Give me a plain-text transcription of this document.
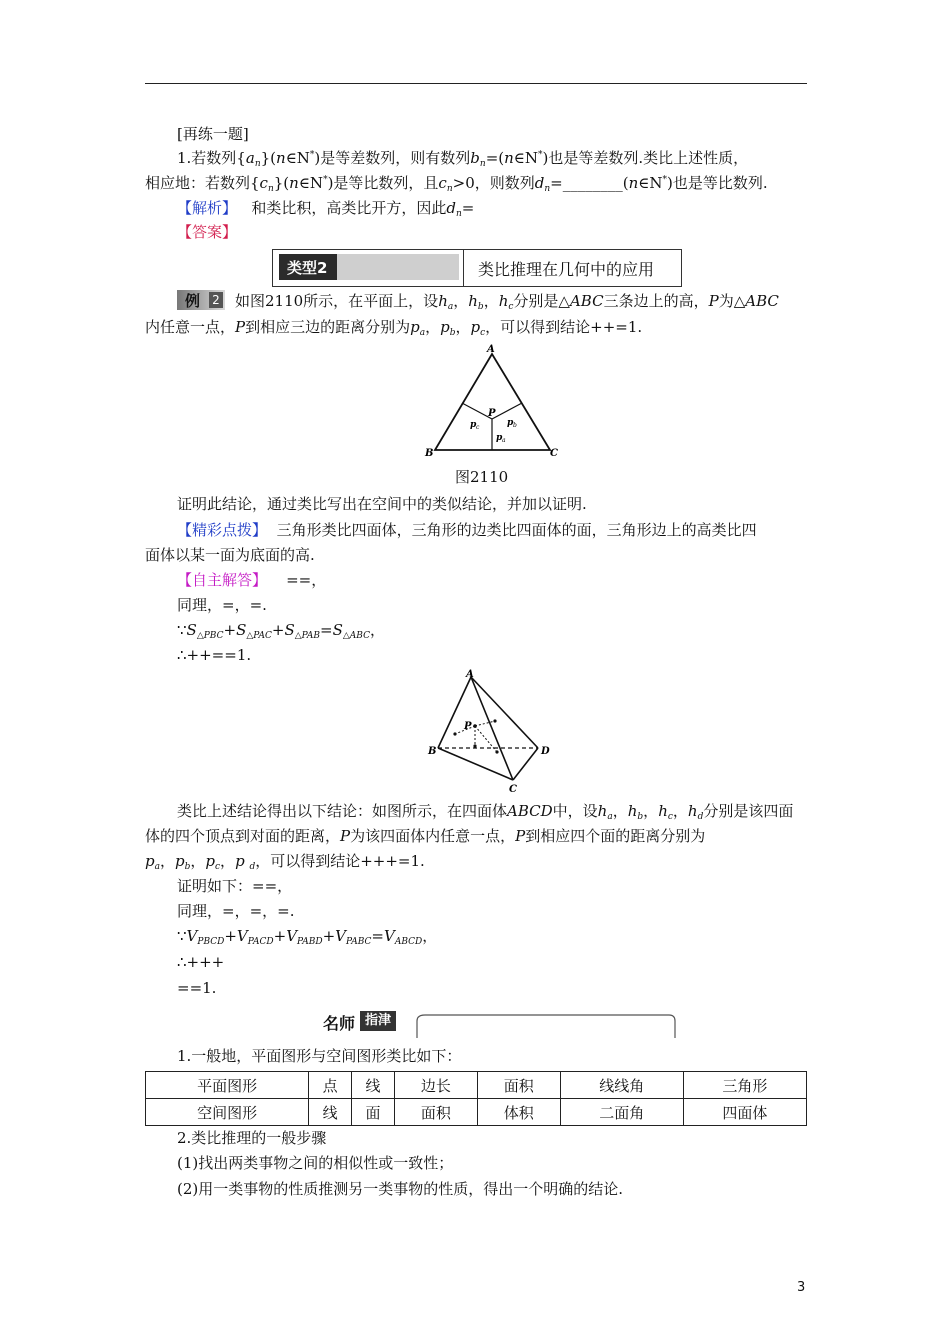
[再练一题]
1.若数列$\{a_n\}(n\in N^*)$是等差数列，则有数列$b_n=(n\in N^*)$也是等差数列.类比上述性质，
相应地：若数列$\{c_n\}(n\in N^*)$是等比数列，且$c_n>0$，则数列$d_n=\_\_\_\_\_\_\_\_(n\in N^*)$也是等比数列.
【解析】 和类比积，高类比开方，因此$d_n=$
【答案】
类型2	类比推理在几何中的应用
例 2 如图2110所示，在平面上，设$h_a$，$h_b$，$h_c$分别是△ABC三条边上的高，P为△ABC
内任意一点，P到相应三边的距离分别为$p_a$，$p_b$，$p_c$，可以得到结论++=1.
A
B	C
P
p c	p b
p a
图2110
证明此结论，通过类比写出在空间中的类似结论，并加以证明.
【精彩点拨】 三角形类比四面体，三角形的边类比四面体的面，三角形边上的高类比四
面体以某一面为底面的高.
【自主解答】 ==，
同理，=，=.
$\because S_{\triangle PBC}+S_{\triangle PAC}+S_{\triangle PAB}=S_{\triangle ABC}$，
∴++==1.
A
B
C
D
P
类比上述结论得出以下结论：如图所示，在四面体ABCD中，设$h_a$，$h_b$，$h_c$，$h_d$分别是该四面
体的四个顶点到对面的距离，P为该四面体内任意一点，P到相应四个面的距离分别为
$p_a$，$p_b$，$p_c$，p $_d$，可以得到结论+++=1.
证明如下：==，
同理，=，=，=.
$\because V_{PBCD}+V_{PACD}+V_{PABD}+V_{PABC}=V_{ABCD}$，
∴+++
==1.
名师 指津
1.一般地，平面图形与空间图形类比如下：
平面图形	点	线	边长	面积	线线角	三角形
空间图形	线	面	面积	体积	二面角	四面体
2.类比推理的一般步骤
(1)找出两类事物之间的相似性或一致性；
(2)用一类事物的性质推测另一类事物的性质，得出一个明确的结论.
3
